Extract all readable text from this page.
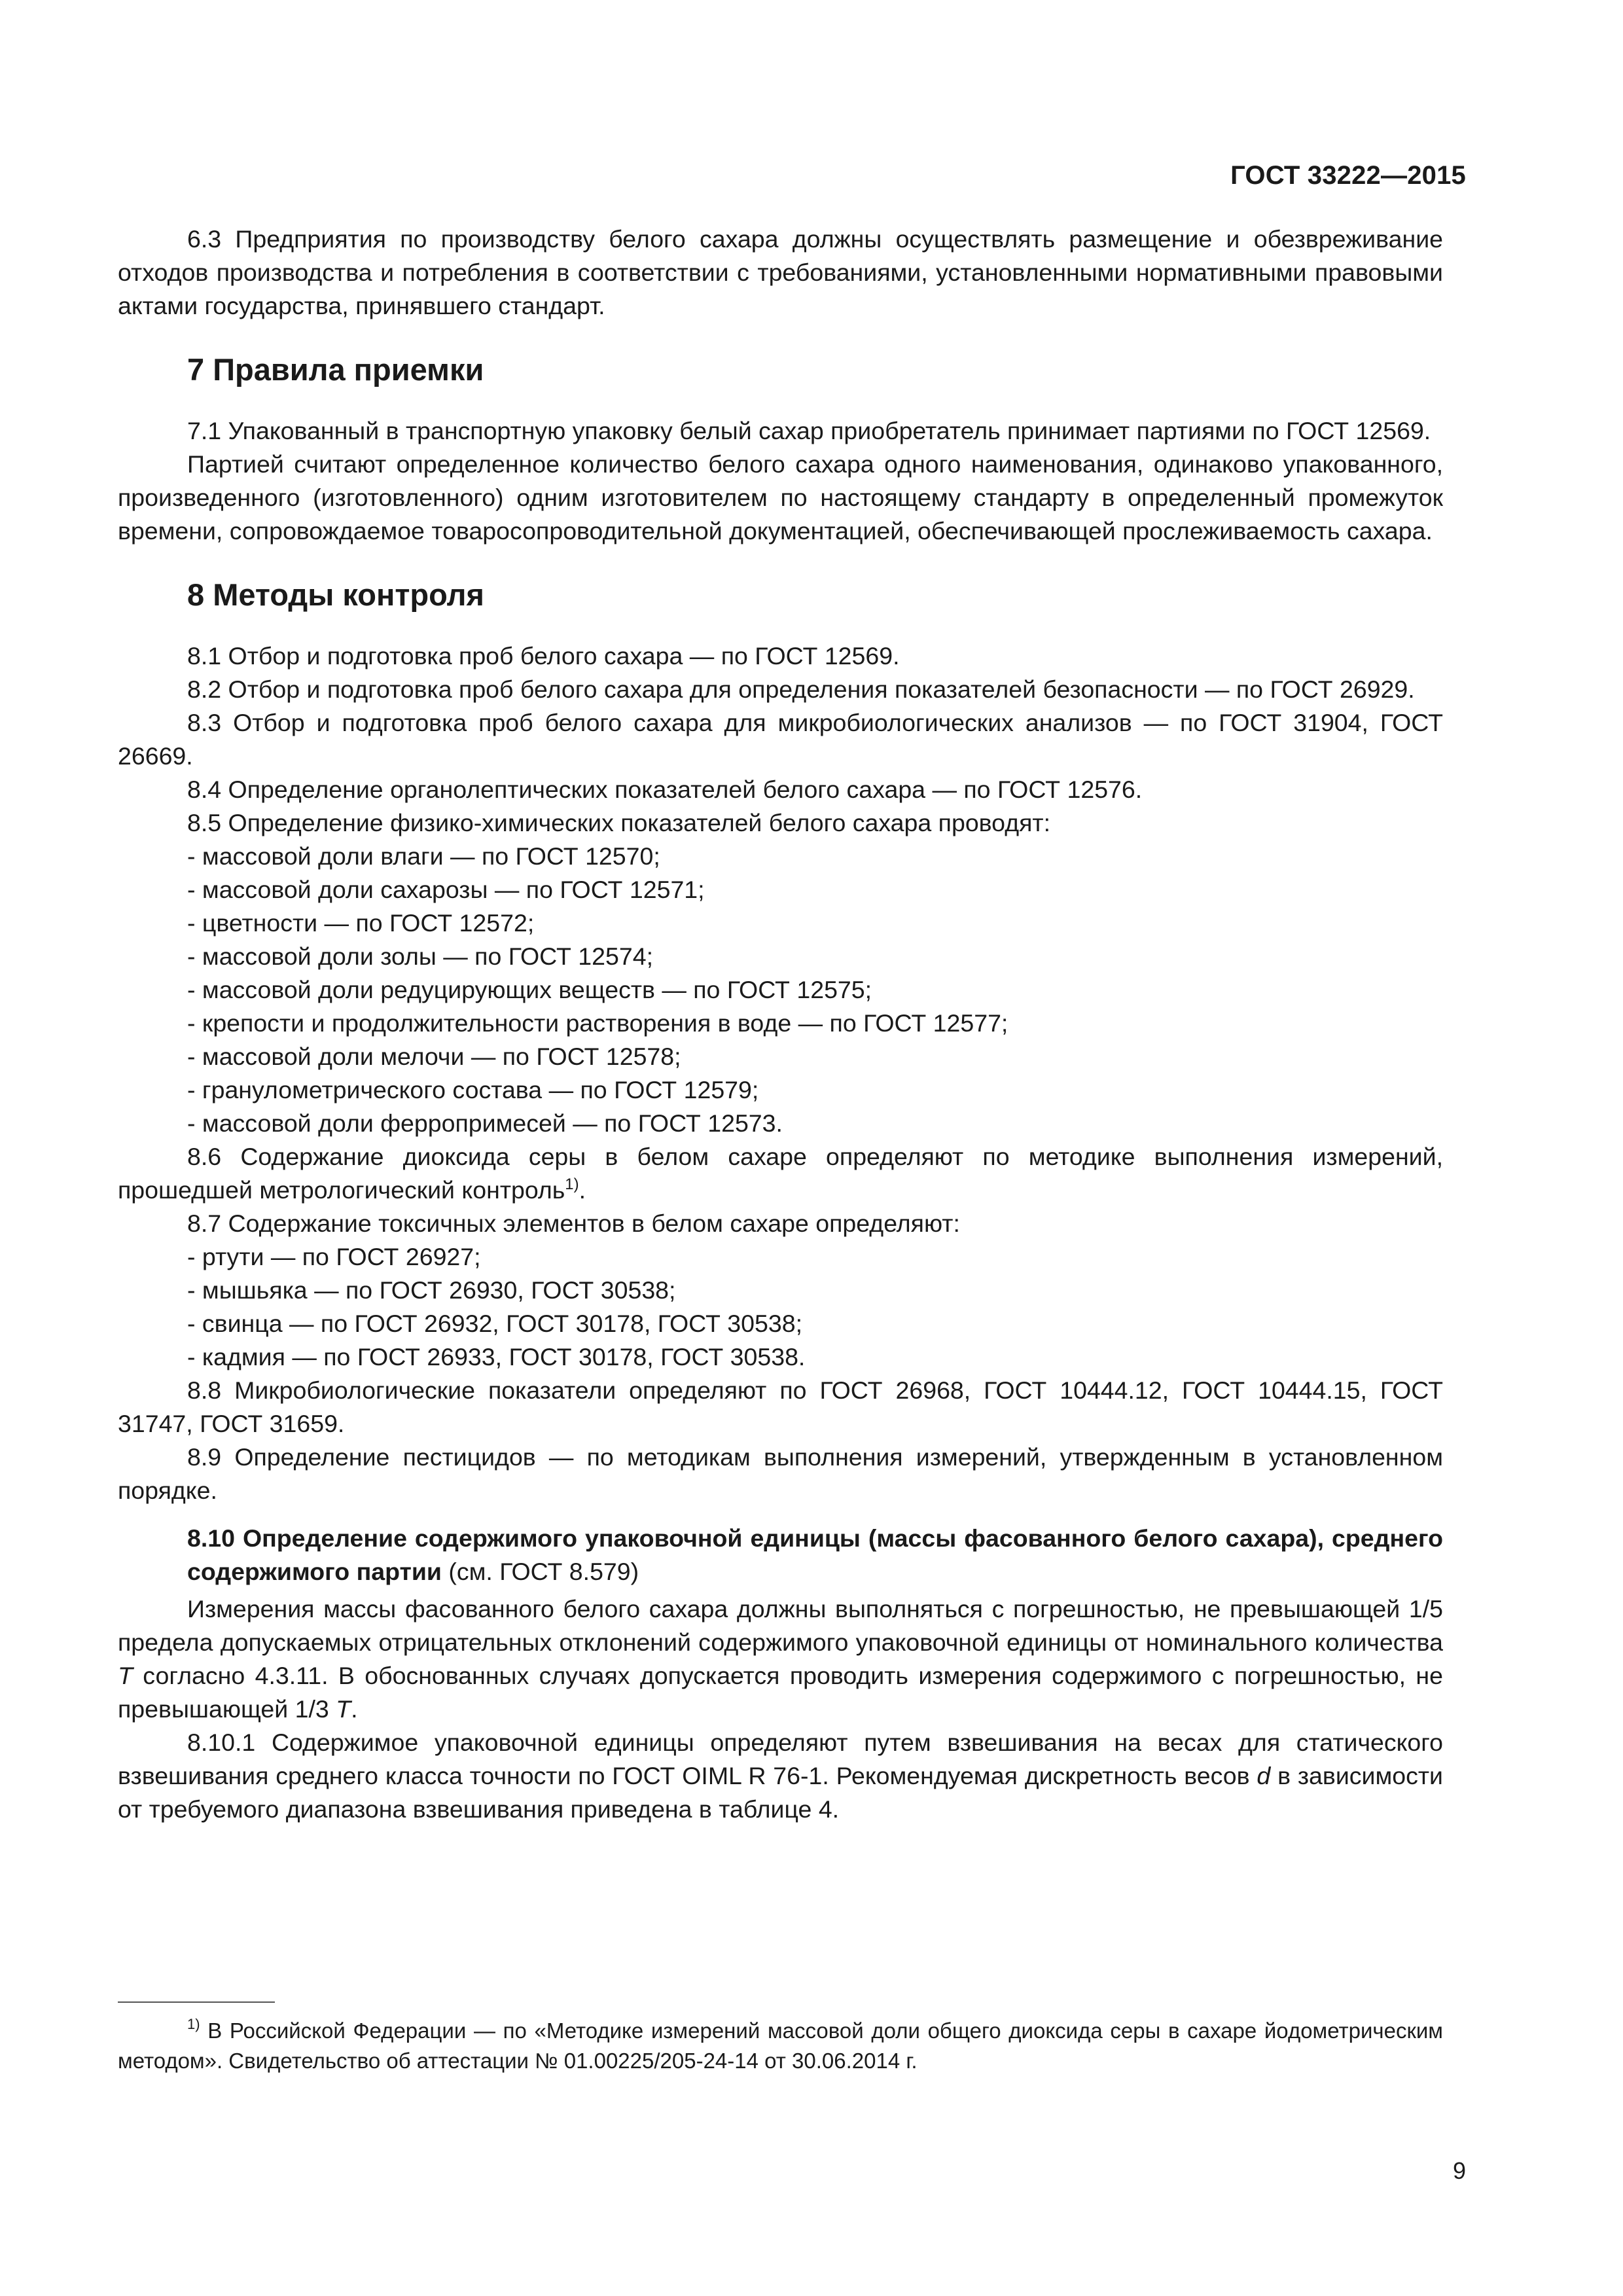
ГОСТ 33222—2015

6.3 Предприятия по производству белого сахара должны осуществлять размещение и обезвреживание отходов производства и потребления в соответствии с требованиями, установленными нормативными правовыми актами государства, принявшего стандарт.

7 Правила приемки

7.1 Упакованный в транспортную упаковку белый сахар приобретатель принимает партиями по ГОСТ 12569.

Партией считают определенное количество белого сахара одного наименования, одинаково упакованного, произведенного (изготовленного) одним изготовителем по настоящему стандарту в определенный промежуток времени, сопровождаемое товаросопроводительной документацией, обеспечивающей прослеживаемость сахара.

8 Методы контроля

8.1 Отбор и подготовка проб белого сахара — по ГОСТ 12569.

8.2 Отбор и подготовка проб белого сахара для определения показателей безопасности — по ГОСТ 26929.

8.3 Отбор и подготовка проб белого сахара для микробиологических анализов — по ГОСТ 31904, ГОСТ 26669.

8.4 Определение органолептических показателей белого сахара — по ГОСТ 12576.

8.5 Определение физико-химических показателей белого сахара проводят:

- массовой доли влаги — по ГОСТ 12570;

- массовой доли сахарозы — по ГОСТ 12571;

- цветности — по ГОСТ 12572;

- массовой доли золы — по ГОСТ 12574;

- массовой доли редуцирующих веществ — по ГОСТ 12575;

- крепости и продолжительности растворения в воде — по ГОСТ 12577;

- массовой доли мелочи — по ГОСТ 12578;

- гранулометрического состава — по ГОСТ 12579;

- массовой доли ферропримесей — по ГОСТ 12573.

8.6 Содержание диоксида серы в белом сахаре определяют по методике выполнения измерений, прошедшей метрологический контроль$^{1)}$.

8.7 Содержание токсичных элементов в белом сахаре определяют:

- ртути — по ГОСТ 26927;

- мышьяка — по ГОСТ 26930, ГОСТ 30538;

- свинца — по ГОСТ 26932, ГОСТ 30178, ГОСТ 30538;

- кадмия — по ГОСТ 26933, ГОСТ 30178, ГОСТ 30538.

8.8 Микробиологические показатели определяют по ГОСТ 26968, ГОСТ 10444.12, ГОСТ 10444.15, ГОСТ 31747, ГОСТ 31659.

8.9 Определение пестицидов — по методикам выполнения измерений, утвержденным в установленном порядке.

8.10 Определение содержимого упаковочной единицы (массы фасованного белого сахара), среднего содержимого партии (см. ГОСТ 8.579)

Измерения массы фасованного белого сахара должны выполняться с погрешностью, не превышающей 1/5 предела допускаемых отрицательных отклонений содержимого упаковочной единицы от номинального количества T согласно 4.3.11. В обоснованных случаях допускается проводить измерения содержимого с погрешностью, не превышающей 1/3 T.

8.10.1 Содержимое упаковочной единицы определяют путем взвешивания на весах для статического взвешивания среднего класса точности по ГОСТ OIML R 76-1. Рекомендуемая дискретность весов d в зависимости от требуемого диапазона взвешивания приведена в таблице 4.

$^{1)}$ В Российской Федерации — по «Методике измерений массовой доли общего диоксида серы в сахаре йодометрическим методом». Свидетельство об аттестации № 01.00225/205-24-14 от 30.06.2014 г.
9
